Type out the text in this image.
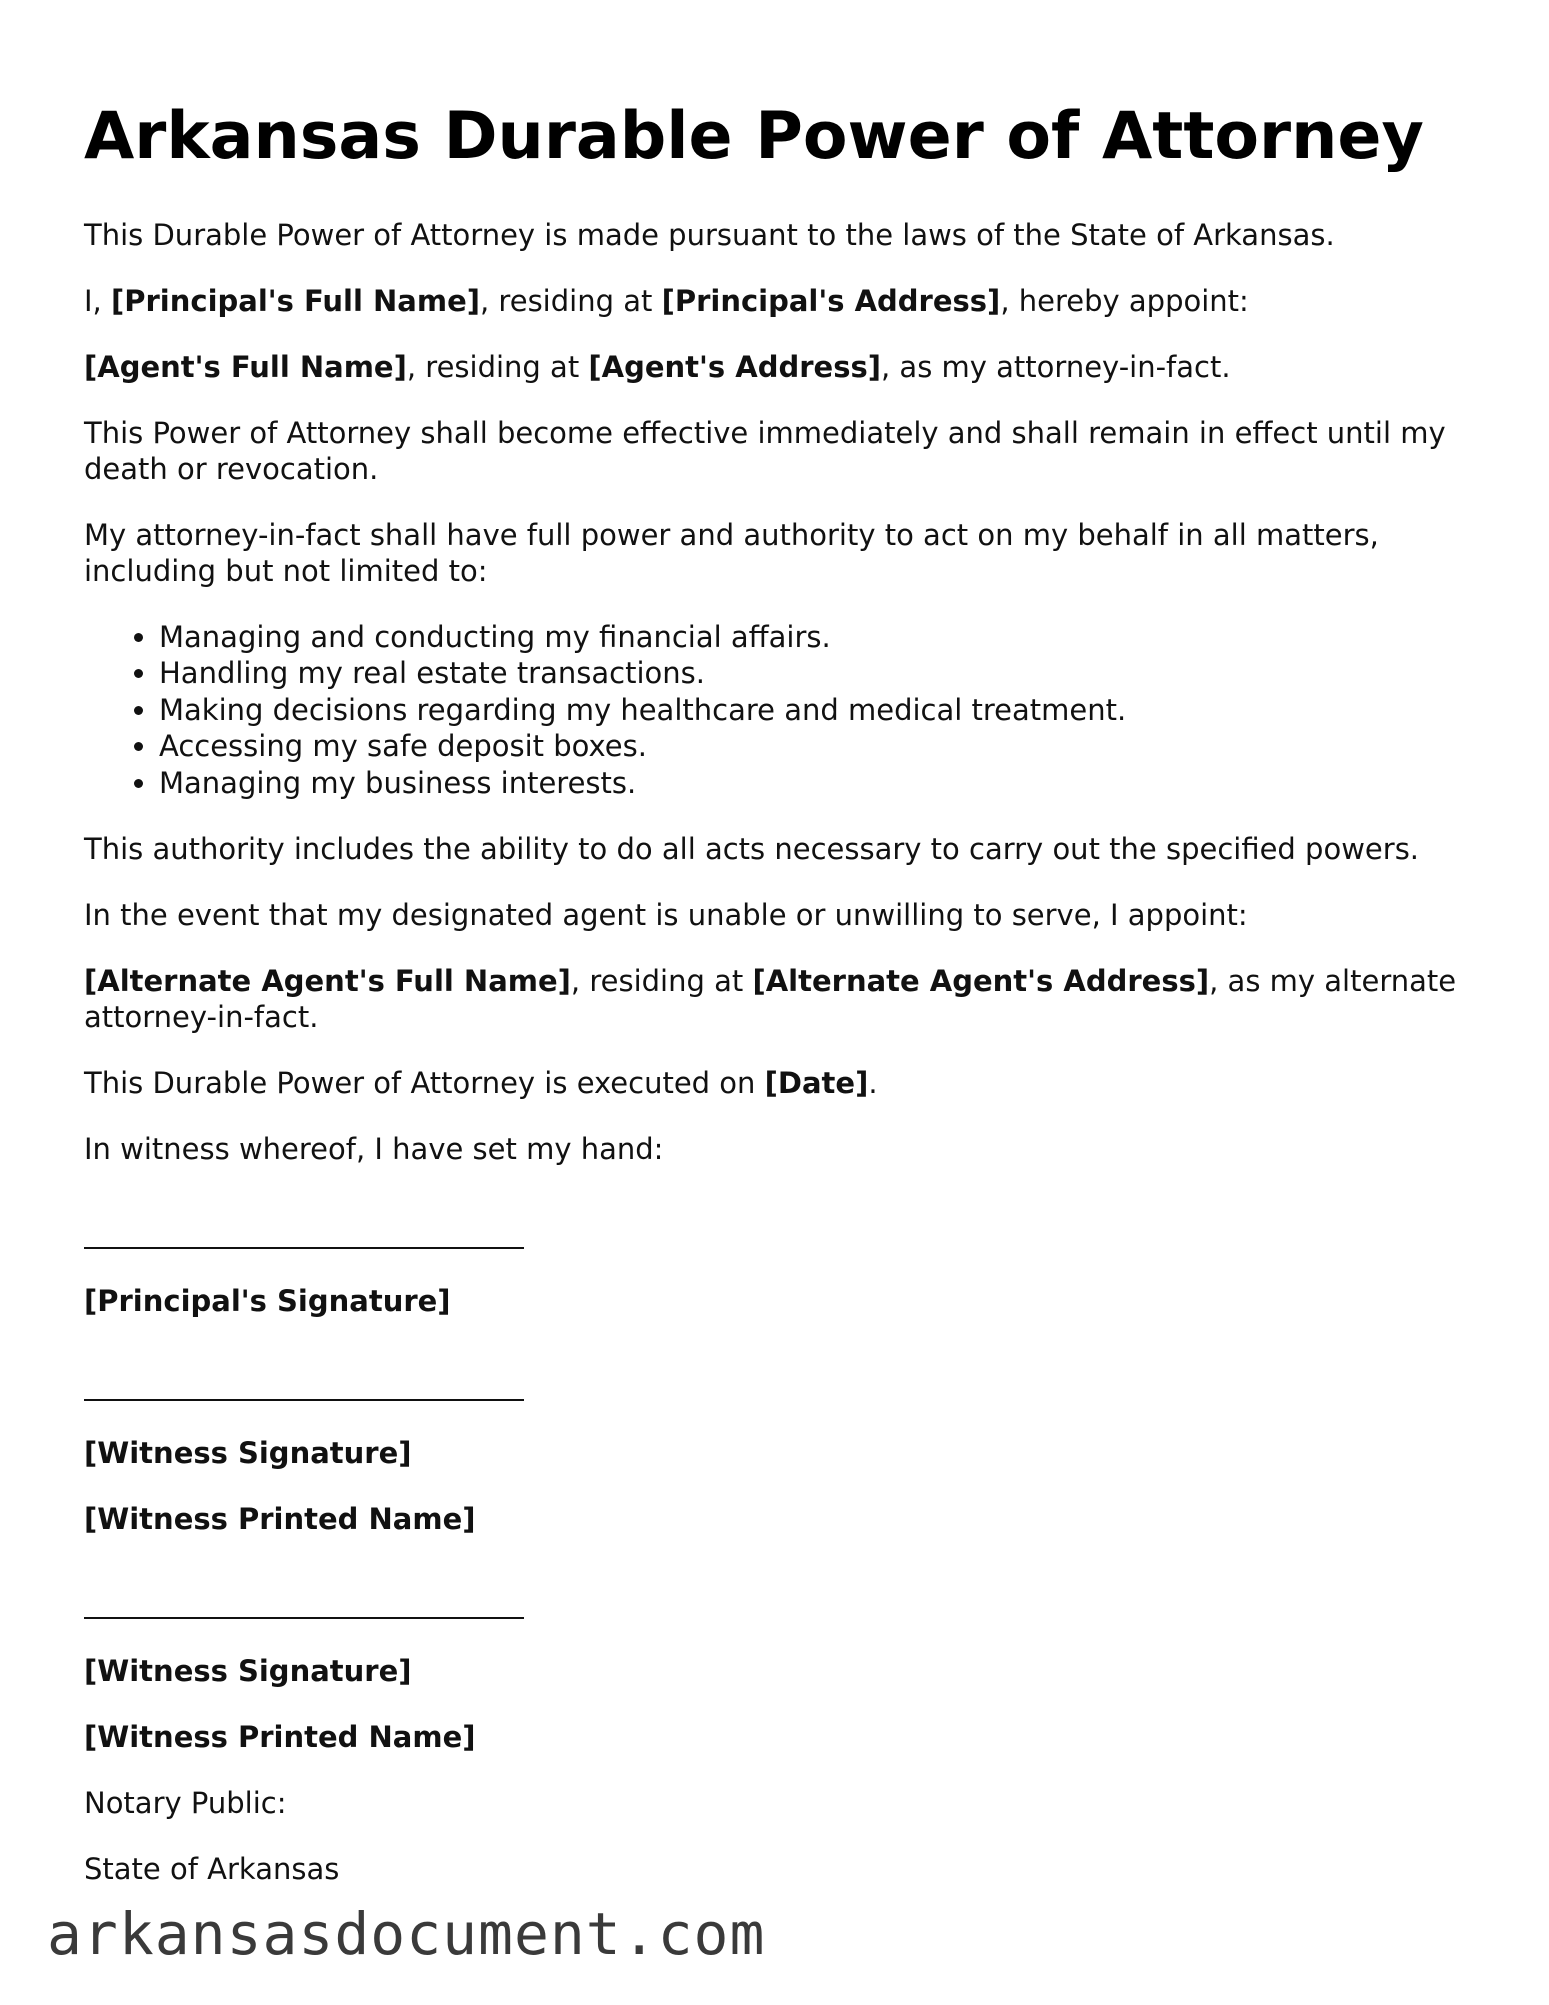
Arkansas Durable Power of Attorney

This Durable Power of Attorney is made pursuant to the laws of the State of Arkansas.

I, [Principal's Full Name], residing at [Principal's Address], hereby appoint:

[Agent's Full Name], residing at [Agent's Address], as my attorney-in-fact.

This Power of Attorney shall become effective immediately and shall remain in effect until my death or revocation.

My attorney-in-fact shall have full power and authority to act on my behalf in all matters, including but not limited to:

• Managing and conducting my financial affairs.
• Handling my real estate transactions.
• Making decisions regarding my healthcare and medical treatment.
• Accessing my safe deposit boxes.
• Managing my business interests.

This authority includes the ability to do all acts necessary to carry out the specified powers.

In the event that my designated agent is unable or unwilling to serve, I appoint:

[Alternate Agent's Full Name], residing at [Alternate Agent's Address], as my alternate attorney-in-fact.

This Durable Power of Attorney is executed on [Date].

In witness whereof, I have set my hand:

[Principal's Signature]

[Witness Signature]

[Witness Printed Name]

[Witness Signature]

[Witness Printed Name]

Notary Public:

State of Arkansas

arkansasdocument.com
